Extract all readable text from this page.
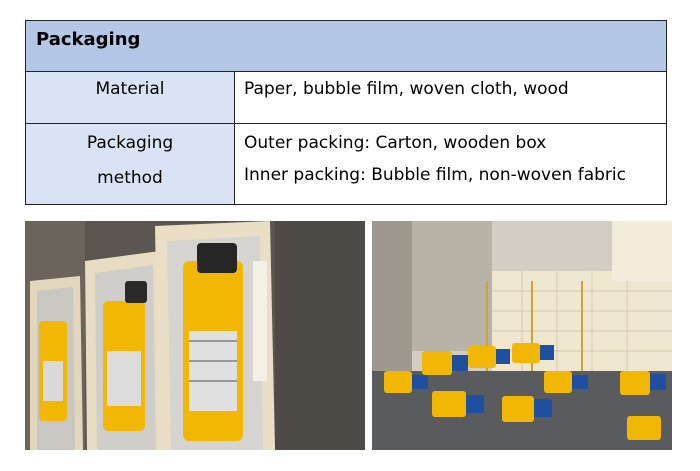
Packaging
Material	Paper, bubble film, woven cloth, wood
Packaging
method
Outer packing: Carton, wooden box
Inner packing: Bubble film, non-woven fabric
